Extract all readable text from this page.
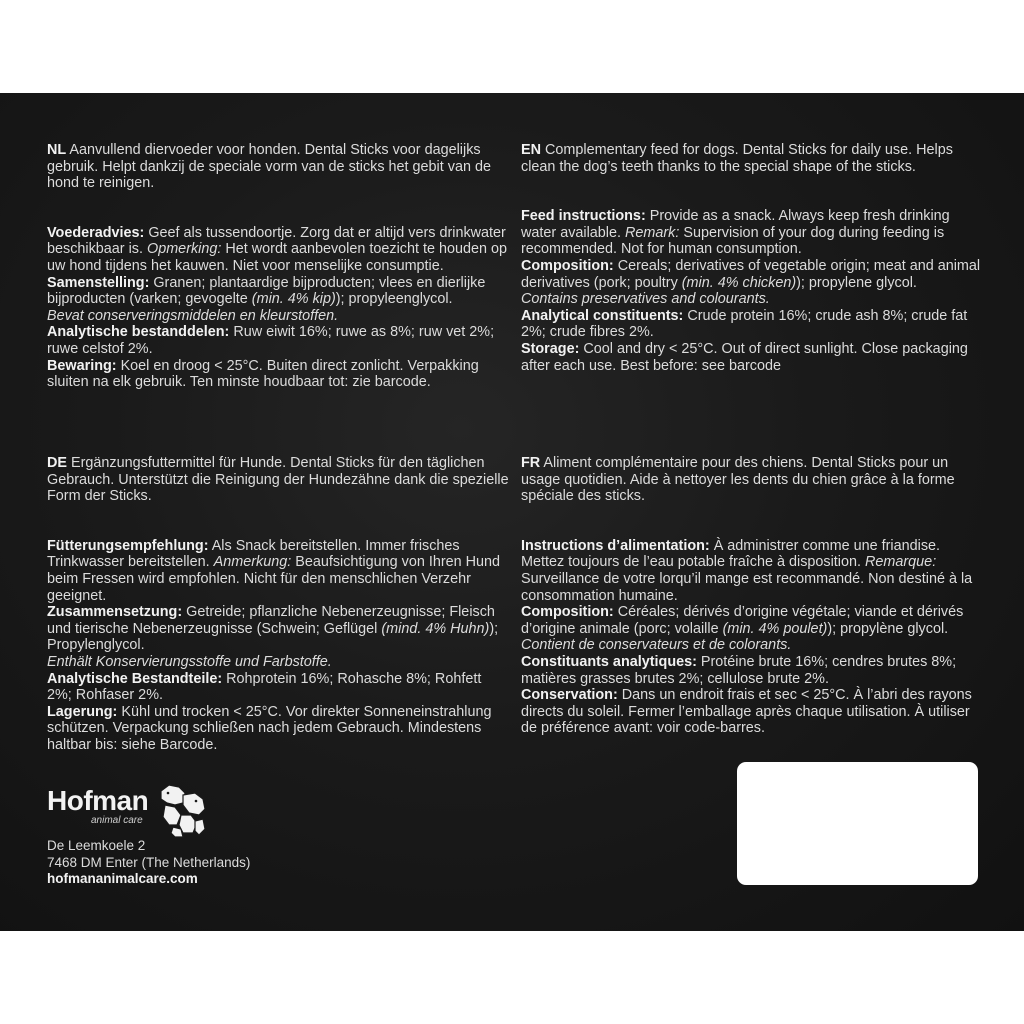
NL Aanvullend diervoeder voor honden. Dental Sticks voor dagelijks gebruik. Helpt dankzij de speciale vorm van de sticks het gebit van de hond te reinigen.

Voederadvies: Geef als tussendoortje. Zorg dat er altijd vers drinkwater beschikbaar is. Opmerking: Het wordt aanbevolen toezicht te houden op uw hond tijdens het kauwen. Niet voor menselijke consumptie.

Samenstelling: Granen; plantaardige bijproducten; vlees en dierlijke bijproducten (varken; gevogelte (min. 4% kip)); propyleenglycol.

Bevat conserveringsmiddelen en kleurstoffen.

Analytische bestanddelen: Ruw eiwit 16%; ruwe as 8%; ruw vet 2%; ruwe celstof 2%.

Bewaring: Koel en droog < 25°C. Buiten direct zonlicht. Verpakking sluiten na elk gebruik. Ten minste houdbaar tot: zie barcode.

EN Complementary feed for dogs. Dental Sticks for daily use. Helps clean the dog’s teeth thanks to the special shape of the sticks.

Feed instructions: Provide as a snack. Always keep fresh drinking water available. Remark: Supervision of your dog during feeding is recommended. Not for human consumption.

Composition: Cereals; derivatives of vegetable origin; meat and animal derivatives (pork; poultry (min. 4% chicken)); propylene glycol.

Contains preservatives and colourants.

Analytical constituents: Crude protein 16%; crude ash 8%; crude fat 2%; crude fibres 2%.

Storage: Cool and dry < 25°C. Out of direct sunlight. Close packaging after each use. Best before: see barcode

DE Ergänzungsfuttermittel für Hunde. Dental Sticks für den täglichen Gebrauch. Unterstützt die Reinigung der Hundezähne dank die spezielle Form der Sticks.

Fütterungsempfehlung: Als Snack bereitstellen. Immer frisches Trinkwasser bereitstellen. Anmerkung: Beaufsichtigung von Ihren Hund beim Fressen wird empfohlen. Nicht für den menschlichen Verzehr geeignet.

Zusammensetzung: Getreide; pflanzliche Nebenerzeugnisse; Fleisch und tierische Nebenerzeugnisse (Schwein; Geflügel (mind. 4% Huhn)); Propylenglycol.

Enthält Konservierungsstoffe und Farbstoffe.

Analytische Bestandteile: Rohprotein 16%; Rohasche 8%; Rohfett 2%; Rohfaser 2%.

Lagerung: Kühl und trocken < 25°C. Vor direkter Sonneneinstrahlung schützen. Verpackung schließen nach jedem Gebrauch. Mindestens haltbar bis: siehe Barcode.

FR Aliment complémentaire pour des chiens. Dental Sticks pour un usage quotidien. Aide à nettoyer les dents du chien grâce à la forme spéciale des sticks.

Instructions d’alimentation: À administrer comme une friandise. Mettez toujours de l’eau potable fraîche à disposition. Remarque: Surveillance de votre lorqu’il mange est recommandé. Non destiné à la consommation humaine.

Composition: Céréales; dérivés d’origine végétale; viande et dérivés d’origine animale (porc; volaille (min. 4% poulet)); propylène glycol.

Contient de conservateurs et de colorants.

Constituants analytiques: Protéine brute 16%; cendres brutes 8%; matières grasses brutes 2%; cellulose brute 2%.

Conservation: Dans un endroit frais et sec < 25°C. À l’abri des rayons directs du soleil. Fermer l’emballage après chaque utilisation. À utiliser de préférence avant: voir code-barres.

Hofman
animal care

De Leemkoele 2

7468 DM Enter (The Netherlands)

hofmananimalcare.com
